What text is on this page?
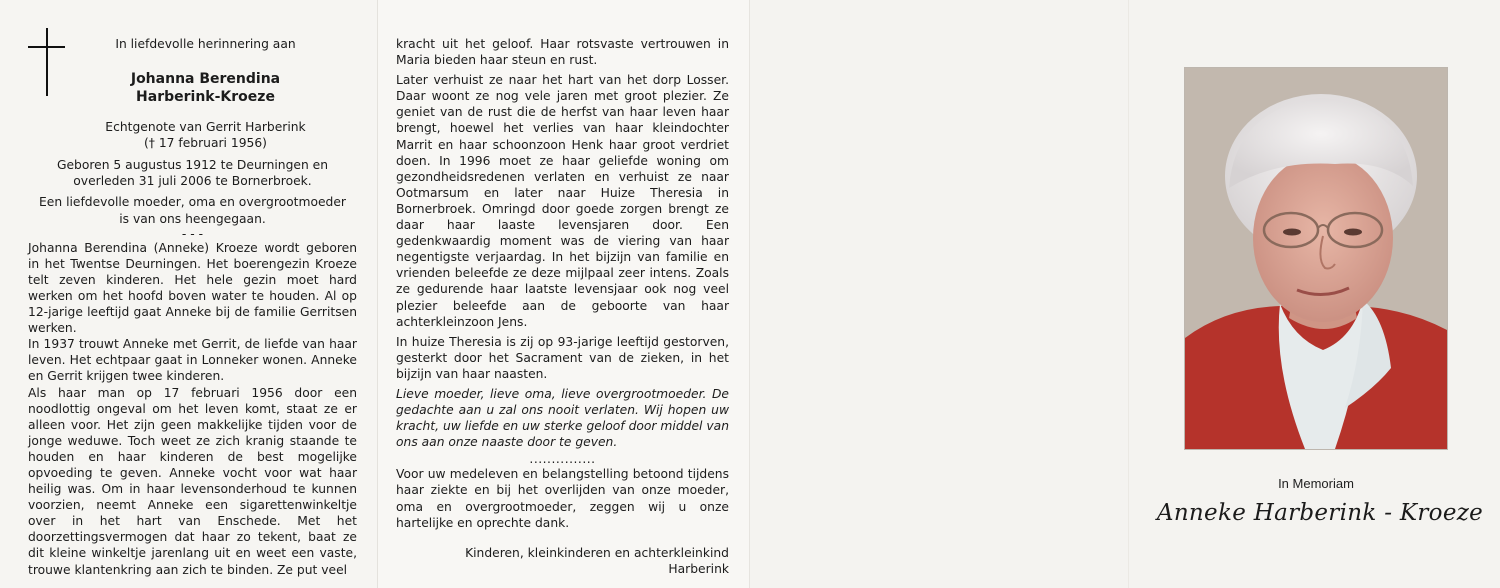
In liefdevolle herinnering aan

Johanna Berendina

Harberink-Kroeze

Echtgenote van Gerrit Harberink

(† 17 februari 1956)

Geboren 5 augustus 1912 te Deurningen en

overleden 31 juli 2006 te Bornerbroek.

Een liefdevolle moeder, oma en overgrootmoeder

is van ons heengegaan.

- - -

Johanna Berendina (Anneke) Kroeze wordt geboren in het Twentse Deurningen. Het boerengezin Kroeze telt zeven kinderen. Het hele gezin moet hard werken om het hoofd boven water te houden. Al op 12-jarige leeftijd gaat Anneke bij de familie Gerritsen werken.

In 1937 trouwt Anneke met Gerrit, de liefde van haar leven. Het echtpaar gaat in Lonneker wonen. Anneke en Gerrit krijgen twee kinderen.

Als haar man op 17 februari 1956 door een noodlottig ongeval om het leven komt, staat ze er alleen voor. Het zijn geen makkelijke tijden voor de jonge weduwe. Toch weet ze zich kranig staande te houden en haar kinderen de best mogelijke opvoeding te geven. Anneke vocht voor wat haar heilig was. Om in haar levensonderhoud te kunnen voorzien, neemt Anneke een sigarettenwinkeltje over in het hart van Enschede. Met het doorzettingsvermogen dat haar zo tekent, baat ze dit kleine winkeltje jarenlang uit en weet een vaste, trouwe klantenkring aan zich te binden. Ze put veel

kracht uit het geloof. Haar rotsvaste vertrouwen in Maria bieden haar steun en rust.

Later verhuist ze naar het hart van het dorp Losser. Daar woont ze nog vele jaren met groot plezier. Ze geniet van de rust die de herfst van haar leven haar brengt, hoewel het verlies van haar kleindochter Marrit en haar schoonzoon Henk haar groot verdriet doen. In 1996 moet ze haar geliefde woning om gezondheidsredenen verlaten en verhuist ze naar Ootmarsum en later naar Huize Theresia in Bornerbroek. Omringd door goede zorgen brengt ze daar haar laaste levensjaren door. Een gedenkwaardig moment was de viering van haar negentigste verjaardag. In het bijzijn van familie en vrienden beleefde ze deze mijlpaal zeer intens. Zoals ze gedurende haar laatste levensjaar ook nog veel plezier beleefde aan de geboorte van haar achterkleinzoon Jens.

In huize Theresia is zij op 93-jarige leeftijd gestorven, gesterkt door het Sacrament van de zieken, in het bijzijn van haar naasten.

Lieve moeder, lieve oma, lieve overgrootmoeder. De gedachte aan u zal ons nooit verlaten. Wij hopen uw kracht, uw liefde en uw sterke geloof door middel van ons aan onze naaste door te geven.

...............

Voor uw medeleven en belangstelling betoond tijdens haar ziekte en bij het overlijden van onze moeder, oma en overgrootmoeder, zeggen wij u onze hartelijke en oprechte dank.

Kinderen, kleinkinderen en achterkleinkind

Harberink

In Memoriam
Anneke Harberink - Kroeze
